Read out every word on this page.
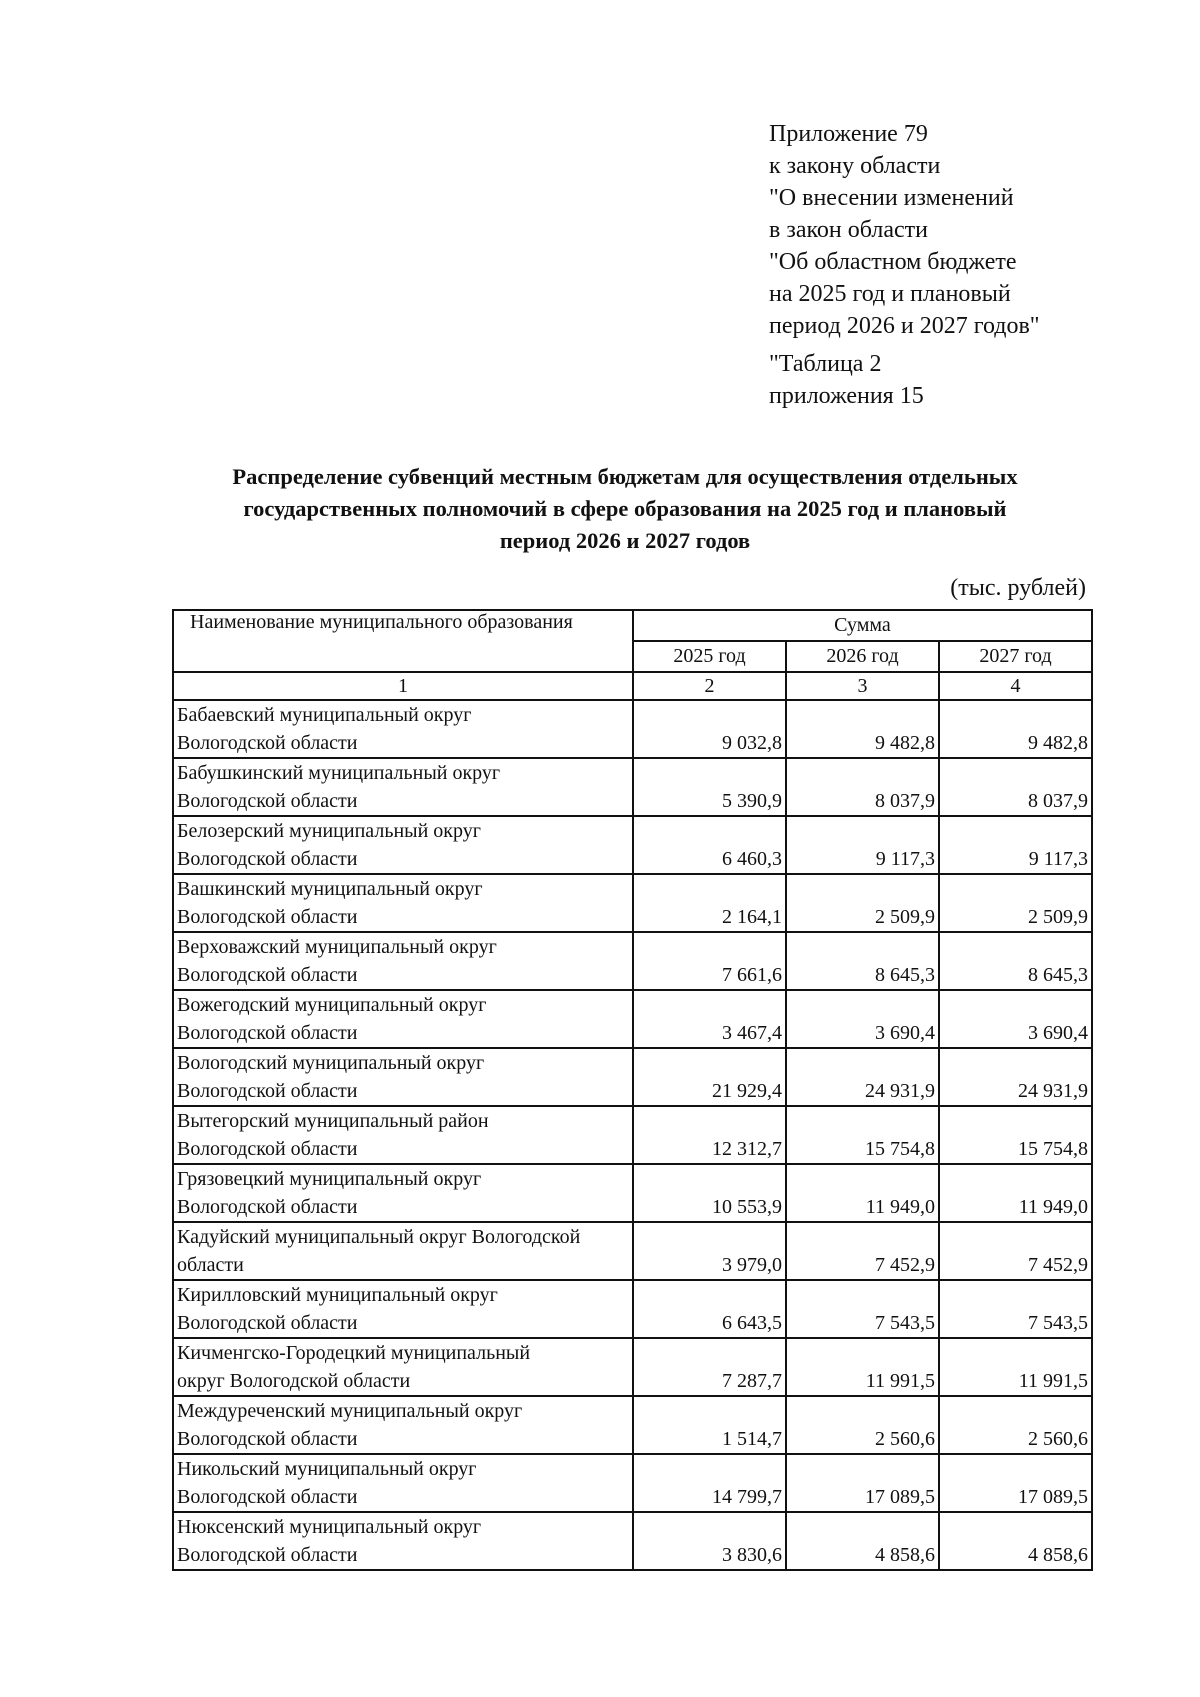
Приложение 79
к закону области
"О внесении изменений
в закон области
"Об областном бюджете
на 2025 год и плановый
период 2026 и 2027 годов"
"Таблица 2
приложения 15
Распределение субвенций местным бюджетам для осуществления отдельных
государственных полномочий в сфере образования на 2025 год и плановый
период 2026 и 2027 годов
(тыс. рублей)
Наименование муниципального образования	Сумма		
	2025 год	2026 год	2027 год
1	2	3	4

Бабаевский муниципальный округ
Вологодской области	9 032,8	9 482,8	9 482,8

Бабушкинский муниципальный округ
Вологодской области	5 390,9	8 037,9	8 037,9

Белозерский муниципальный округ
Вологодской области	6 460,3	9 117,3	9 117,3

Вашкинский муниципальный округ
Вологодской области	2 164,1	2 509,9	2 509,9

Верховажский муниципальный округ
Вологодской области	7 661,6	8 645,3	8 645,3

Вожегодский муниципальный округ
Вологодской области	3 467,4	3 690,4	3 690,4

Вологодский муниципальный округ
Вологодской области	21 929,4	24 931,9	24 931,9

Вытегорский муниципальный район
Вологодской области	12 312,7	15 754,8	15 754,8

Грязовецкий муниципальный округ
Вологодской области	10 553,9	11 949,0	11 949,0

Кадуйский муниципальный округ Вологодской
области	3 979,0	7 452,9	7 452,9

Кирилловский муниципальный округ
Вологодской области	6 643,5	7 543,5	7 543,5

Кичменгско-Городецкий муниципальный
округ Вологодской области	7 287,7	11 991,5	11 991,5

Междуреченский муниципальный округ
Вологодской области	1 514,7	2 560,6	2 560,6

Никольский муниципальный округ
Вологодской области	14 799,7	17 089,5	17 089,5

Нюксенский муниципальный округ
Вологодской области	3 830,6	4 858,6	4 858,6
